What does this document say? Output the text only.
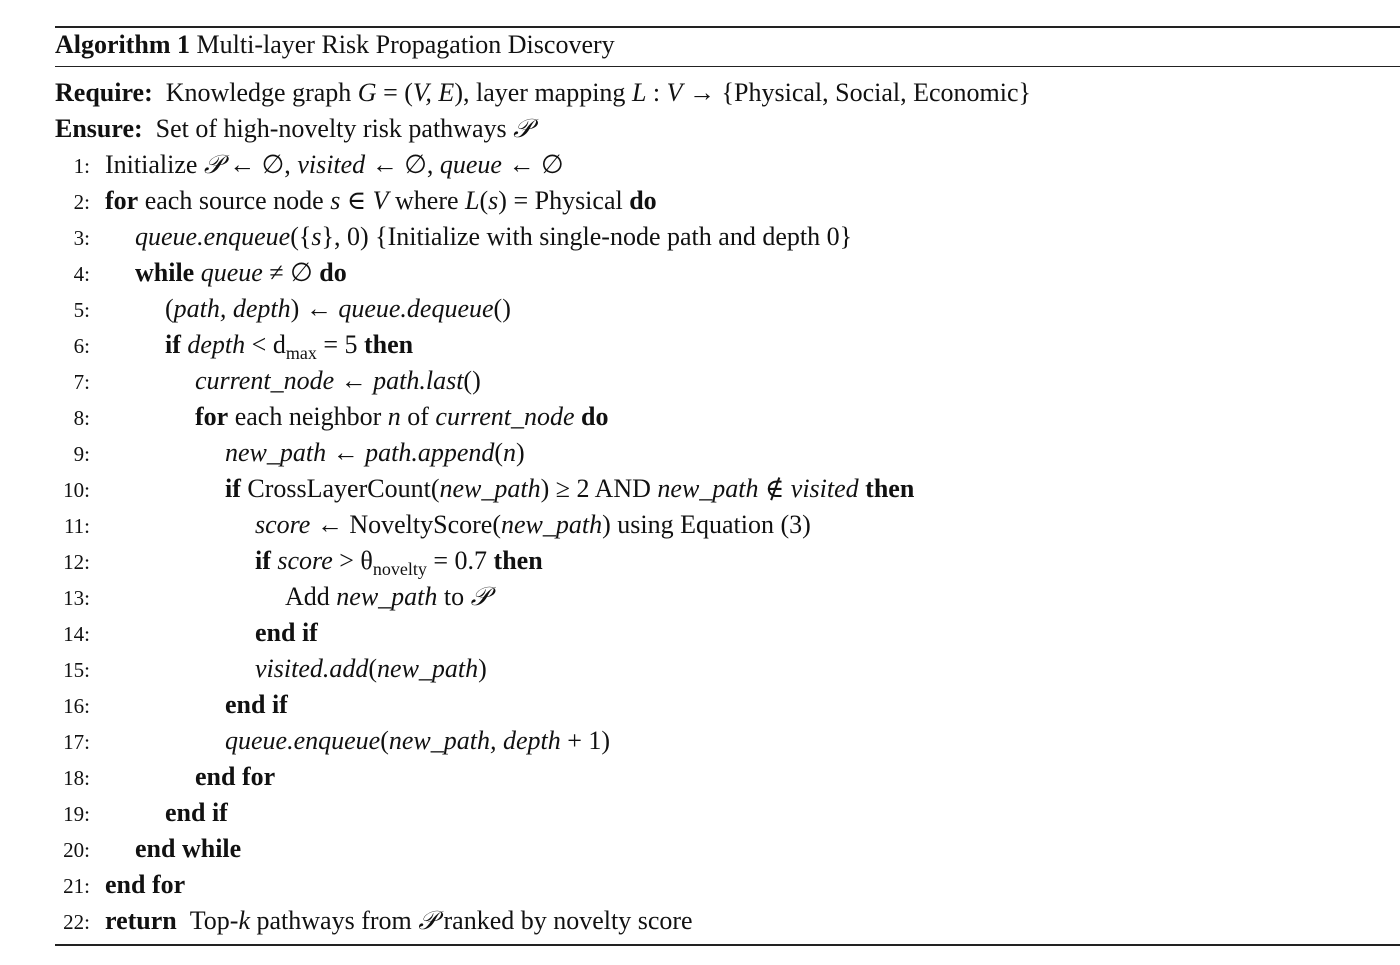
Algorithm 1 Multi-layer Risk Propagation Discovery
Require: Knowledge graph G = (V, E), layer mapping L : V → {Physical, Social, Economic}
Ensure: Set of high-novelty risk pathways 𝒫
1: Initialize 𝒫 ← ∅, visited ← ∅, queue ← ∅
2: for each source node s ∈ V where L(s) = Physical do
3: queue.enqueue({s}, 0) {Initialize with single-node path and depth 0}
4: while queue ≠ ∅ do
5:	(path, depth) ← queue.dequeue()
6:	if depth < $d_{max} = 5$ then
7:	current_node ← path.last()
8:	for each neighbor n of current_node do
9:	new_path ← path.append(n)
10:	if CrossLayerCount(new_path) ≥ 2 AND new_path ∉ visited then
11:	score ← NoveltyScore(new_path) using Equation (3)
12:	if score > $\theta_{novelty} = 0.7$ then
13:	Add new_path to 𝒫
14:	end if
15:	visited.add(new_path)
16:	end if
17:	queue.enqueue(new_path, depth + 1)
18:	end for
19:	end if
20: end while
21: end for
22: return Top-k pathways from 𝒫 ranked by novelty score
